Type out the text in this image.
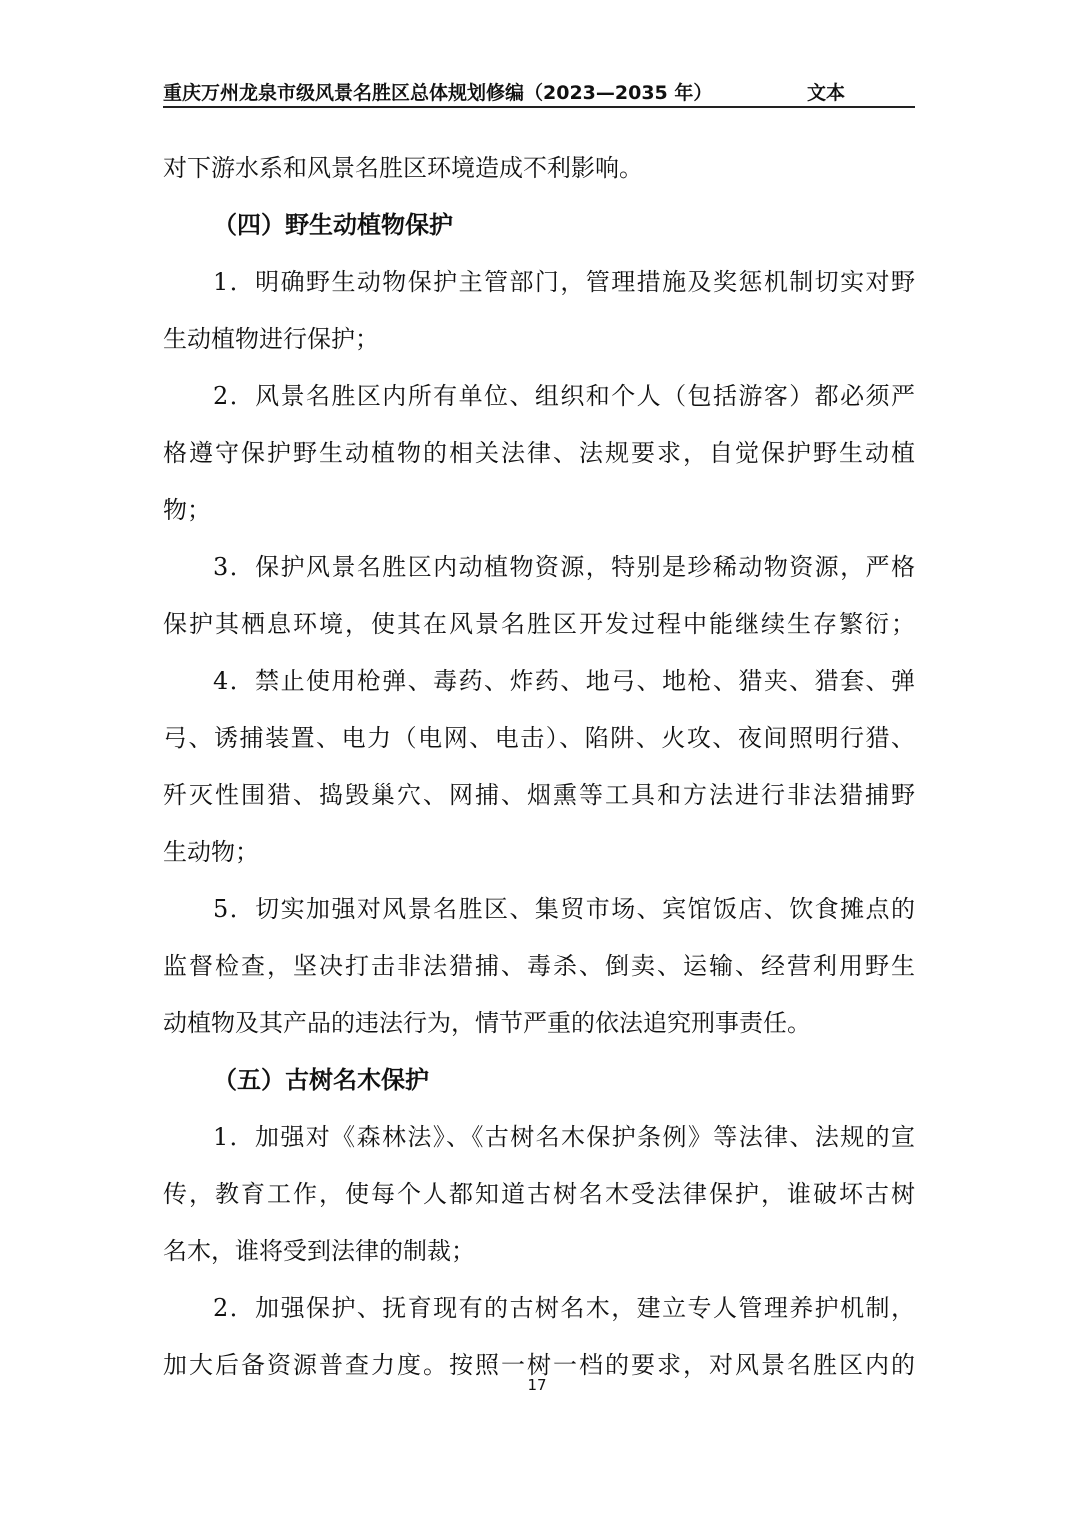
重庆万州龙泉市级风景名胜区总体规划修编（2023—2035 年）	文本
对下游水系和风景名胜区环境造成不利影响。
（四）野生动植物保护
1．明确野生动物保护主管部门，管理措施及奖惩机制切实对野
生动植物进行保护；
2．风景名胜区内所有单位、组织和个人（包括游客）都必须严
格遵守保护野生动植物的相关法律、法规要求，自觉保护野生动植
物；
3．保护风景名胜区内动植物资源，特别是珍稀动物资源，严格
保护其栖息环境，使其在风景名胜区开发过程中能继续生存繁衍；
4．禁止使用枪弹、毒药、炸药、地弓、地枪、猎夹、猎套、弹
弓、诱捕装置、电力（电网、电击）、陷阱、火攻、夜间照明行猎、
歼灭性围猎、捣毁巢穴、网捕、烟熏等工具和方法进行非法猎捕野
生动物；
5．切实加强对风景名胜区、集贸市场、宾馆饭店、饮食摊点的
监督检查，坚决打击非法猎捕、毒杀、倒卖、运输、经营利用野生
动植物及其产品的违法行为，情节严重的依法追究刑事责任。
（五）古树名木保护
1．加强对《森林法》、《古树名木保护条例》等法律、法规的宣
传，教育工作，使每个人都知道古树名木受法律保护，谁破坏古树
名木，谁将受到法律的制裁；
2．加强保护、抚育现有的古树名木，建立专人管理养护机制，
加大后备资源普查力度。按照一树一档的要求，对风景名胜区内的
17
